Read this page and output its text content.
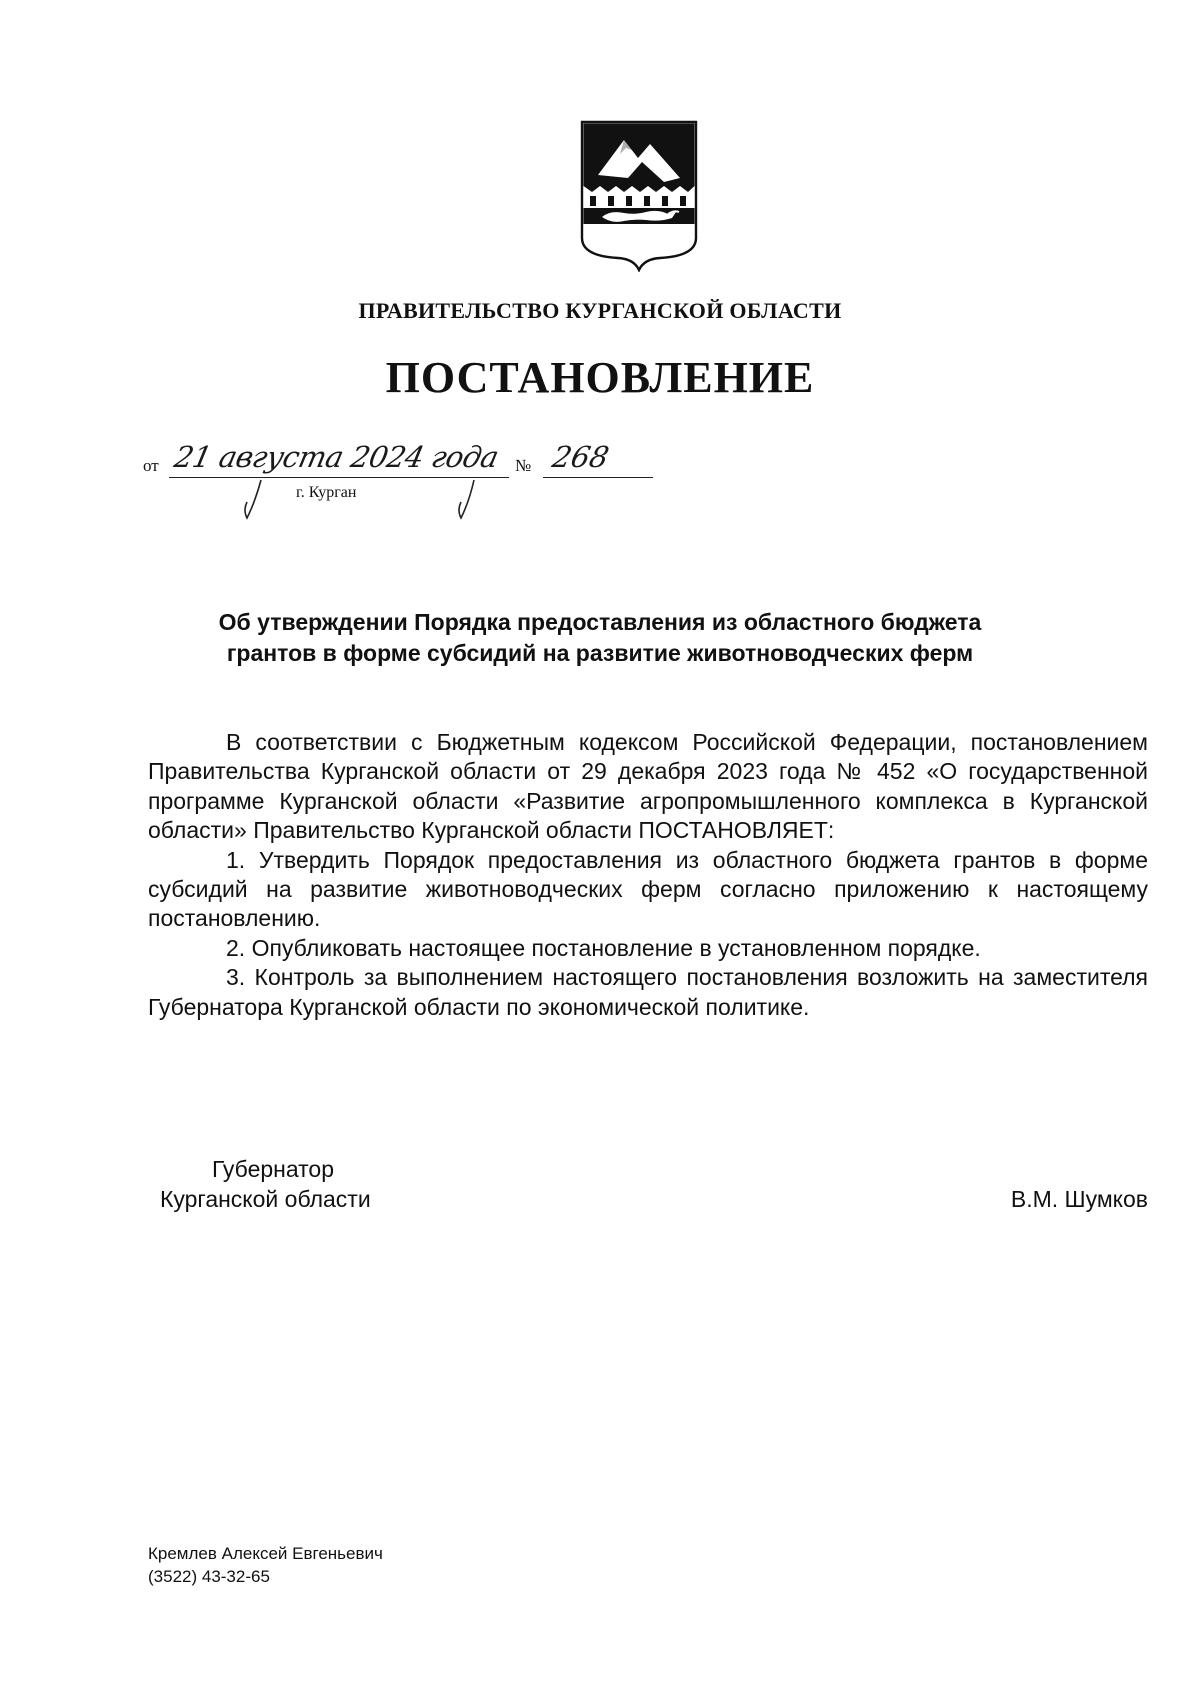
ПРАВИТЕЛЬСТВО КУРГАНСКОЙ ОБЛАСТИ
ПОСТАНОВЛЕНИЕ
от 21 августа 2024 года № 268
г. Курган
Об утверждении Порядка предоставления из областного бюджета
грантов в форме субсидий на развитие животноводческих ферм

В соответствии с Бюджетным кодексом Российской Федерации, постановлением Правительства Курганской области от 29 декабря 2023 года № 452 «О государственной программе Курганской области «Развитие агропромышленного комплекса в Курганской области» Правительство Курганской области ПОСТАНОВЛЯЕТ:

1. Утвердить Порядок предоставления из областного бюджета грантов в форме субсидий на развитие животноводческих ферм согласно приложению к настоящему постановлению.

2. Опубликовать настоящее постановление в установленном порядке.

3. Контроль за выполнением настоящего постановления возложить на заместителя Губернатора Курганской области по экономической политике.

Губернатор
Курганской области	В.М. Шумков
Кремлев Алексей Евгеньевич
(3522) 43-32-65
